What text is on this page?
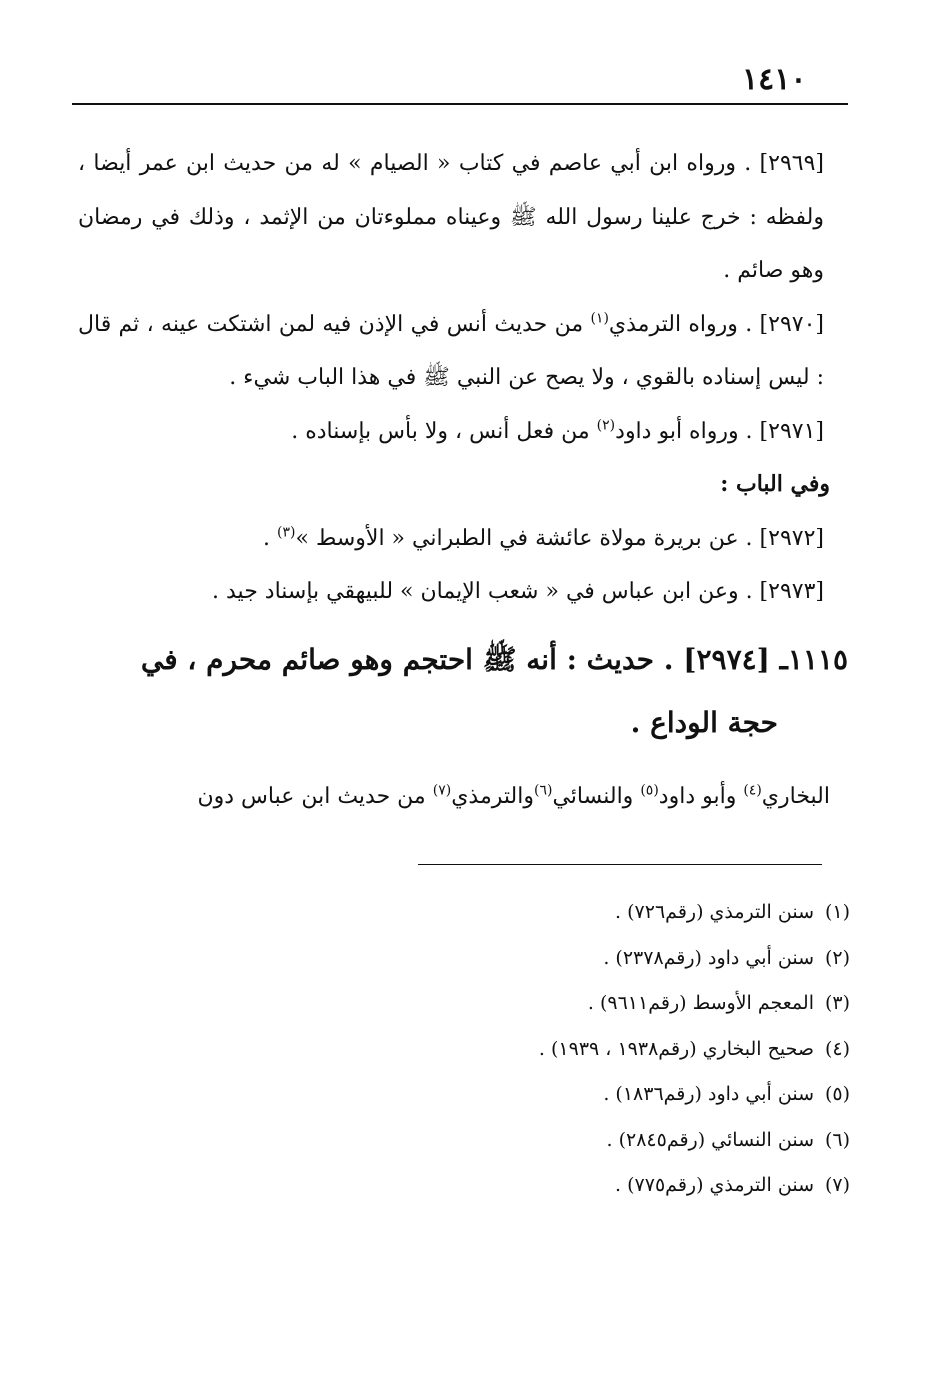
١٤١٠

[٢٩٦٩] . ورواه ابن أبي عاصم في كتاب « الصيام » له من حديث ابن عمر أيضا ، ولفظه : خرج علينا رسول الله ﷺ وعيناه مملوءتان من الإثمد ، وذلك في رمضان وهو صائم .

[٢٩٧٠] . ورواه الترمذي$^{(١)}$ من حديث أنس في الإذن فيه لمن اشتكت عينه ، ثم قال : ليس إسناده بالقوي ، ولا يصح عن النبي ﷺ في هذا الباب شيء .

[٢٩٧١] . ورواه أبو داود$^{(٢)}$ من فعل أنس ، ولا بأس بإسناده .

وفي الباب :

[٢٩٧٢] . عن بريرة مولاة عائشة في الطبراني « الأوسط »$^{(٣)}$ .

[٢٩٧٣] . وعن ابن عباس في « شعب الإيمان » للبيهقي بإسناد جيد .

١١١٥ـ [٢٩٧٤] . حديث : أنه ﷺ احتجم وهو صائم محرم ، في

حجة الوداع .

البخاري$^{(٤)}$ وأبو داود$^{(٥)}$ والنسائي$^{(٦)}$والترمذي$^{(٧)}$ من حديث ابن عباس دون

(١)
سنن الترمذي (رقم٧٢٦) .
(٢)
سنن أبي داود (رقم٢٣٧٨) .
(٣)
المعجم الأوسط (رقم٩٦١١) .
(٤)
صحيح البخاري (رقم١٩٣٨ ، ١٩٣٩) .
(٥)
سنن أبي داود (رقم١٨٣٦) .
(٦)
سنن النسائي (رقم٢٨٤٥) .
(٧)
سنن الترمذي (رقم٧٧٥) .
